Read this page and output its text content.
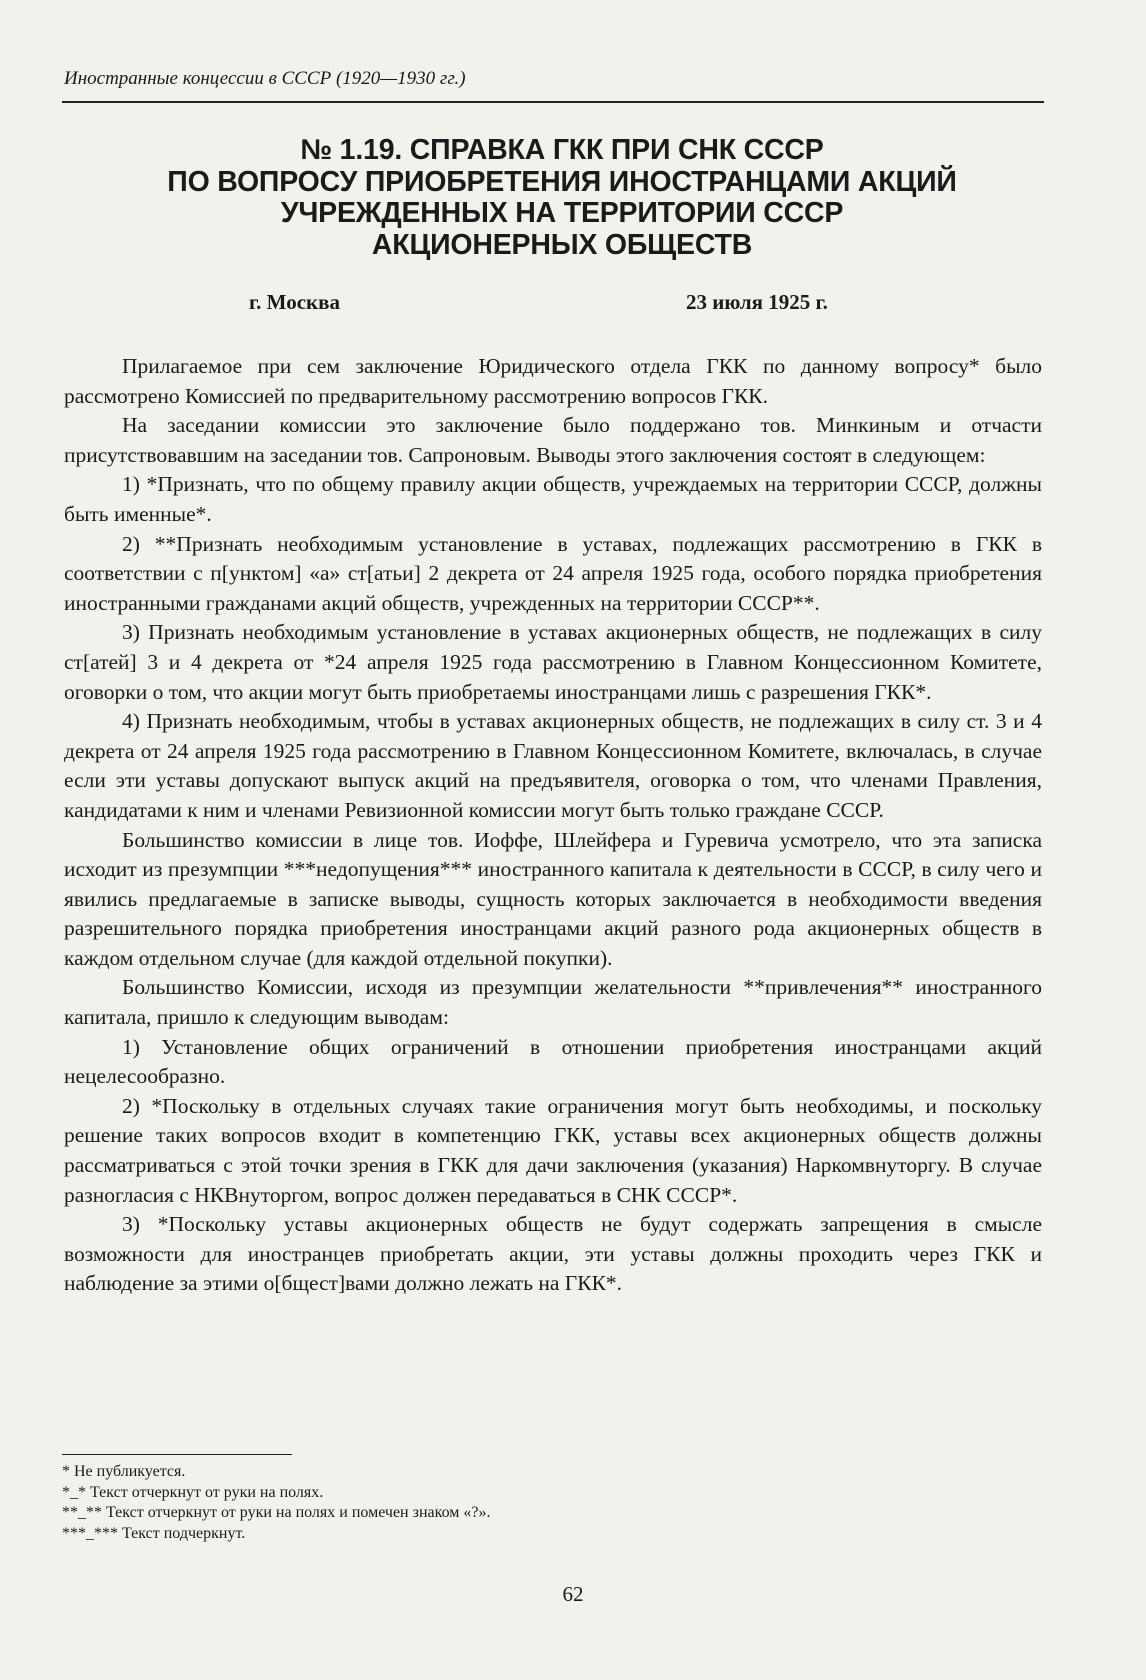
Иностранные концессии в СССР (1920—1930 гг.)
№ 1.19. СПРАВКА ГКК ПРИ СНК СССР
ПО ВОПРОСУ ПРИОБРЕТЕНИЯ ИНОСТРАНЦАМИ АКЦИЙ
УЧРЕЖДЕННЫХ НА ТЕРРИТОРИИ СССР
АКЦИОНЕРНЫХ ОБЩЕСТВ
г. Москва	23 июля 1925 г.

Прилагаемое при сем заключение Юридического отдела ГКК по данному вопросу* было рассмотрено Комиссией по предварительному рассмотрению вопросов ГКК.

На заседании комиссии это заключение было поддержано тов. Минкиным и отчасти присутствовавшим на заседании тов. Сапроновым. Выводы этого заключения состоят в следующем:

1) *Признать, что по общему правилу акции обществ, учреждаемых на территории СССР, должны быть именные*.

2) **Признать необходимым установление в уставах, подлежащих рассмотрению в ГКК в соответствии с п[унктом] «а» ст[атьи] 2 декрета от 24 апреля 1925 года, особого порядка приобретения иностранными гражданами акций обществ, учрежденных на территории СССР**.

3) Признать необходимым установление в уставах акционерных обществ, не подлежащих в силу ст[атей] 3 и 4 декрета от *24 апреля 1925 года рассмотрению в Главном Концессионном Комитете, оговорки о том, что акции могут быть приобретаемы иностранцами лишь с разрешения ГКК*.

4) Признать необходимым, чтобы в уставах акционерных обществ, не подлежащих в силу ст. 3 и 4 декрета от 24 апреля 1925 года рассмотрению в Главном Концессионном Комитете, включалась, в случае если эти уставы допускают выпуск акций на предъявителя, оговорка о том, что членами Правления, кандидатами к ним и членами Ревизионной комиссии могут быть только граждане СССР.

Большинство комиссии в лице тов. Иоффе, Шлейфера и Гуревича усмотрело, что эта записка исходит из презумпции ***недопущения*** иностранного капитала к деятельности в СССР, в силу чего и явились предлагаемые в записке выводы, сущность которых заключается в необходимости введения разрешительного порядка приобретения иностранцами акций разного рода акционерных обществ в каждом отдельном случае (для каждой отдельной покупки).

Большинство Комиссии, исходя из презумпции желательности **привлечения** иностранного капитала, пришло к следующим выводам:

1) Установление общих ограничений в отношении приобретения иностранцами акций нецелесообразно.

2) *Поскольку в отдельных случаях такие ограничения могут быть необходимы, и поскольку решение таких вопросов входит в компетенцию ГКК, уставы всех акционерных обществ должны рассматриваться с этой точки зрения в ГКК для дачи заключения (указания) Наркомвнуторгу. В случае разногласия с НКВнуторгом, вопрос должен передаваться в СНК СССР*.

3) *Поскольку уставы акционерных обществ не будут содержать запрещения в смысле возможности для иностранцев приобретать акции, эти уставы должны проходить через ГКК и наблюдение за этими о[бщест]вами должно лежать на ГКК*.

* Не публикуется.
*_* Текст отчеркнут от руки на полях.
**_** Текст отчеркнут от руки на полях и помечен знаком «?».
***_*** Текст подчеркнут.
62
